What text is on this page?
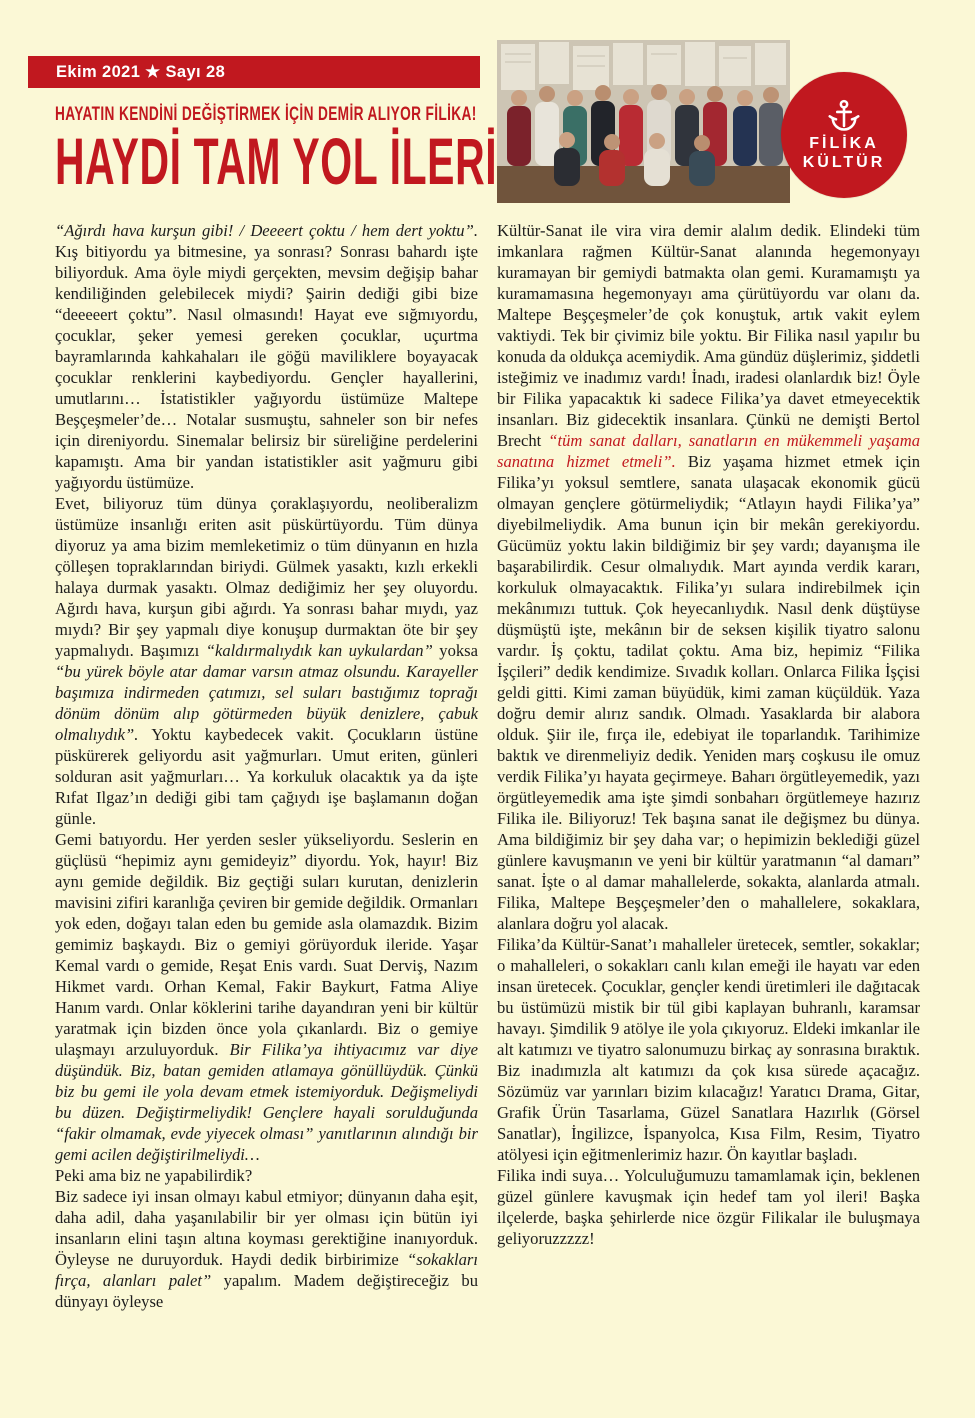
Ekim 2021 ★ Sayı 28
HAYATIN KENDİNİ DEĞİŞTİRMEK İÇİN DEMİR ALIYOR FİLİKA!
HAYDİ TAM YOL İLERİ	FİLİKA
KÜLTÜR

“Ağırdı hava kurşun gibi! / Deeeert çoktu / hem dert yoktu”. Kış bitiyordu ya bitmesine, ya sonrası? Sonrası bahardı işte biliyorduk. Ama öyle miydi gerçekten, mevsim değişip bahar kendiliğinden gelebilecek miydi? Şairin dediği gibi bize “deeeeert çoktu”. Nasıl olmasındı! Hayat eve sığmıyordu, çocuklar, şeker yemesi gereken çocuklar, uçurtma bayramlarında kahkahaları ile göğü maviliklere boyayacak çocuklar renklerini kaybediyordu. Gençler hayallerini, umutlarını… İstatistikler yağıyordu üstümüze Maltepe Beşçeşmeler’de… Notalar susmuştu, sahneler son bir nefes için direniyordu. Sinemalar belirsiz bir süreliğine perdelerini kapamıştı. Ama bir yandan istatistikler asit yağmuru gibi yağıyordu üstümüze.

Evet, biliyoruz tüm dünya çoraklaşıyordu, neoliberalizm üstümüze insanlığı eriten asit püskürtüyordu. Tüm dünya diyoruz ya ama bizim memleketimiz o tüm dünyanın en hızla çölleşen topraklarından biriydi. Gülmek yasaktı, kızlı erkekli halaya durmak yasaktı. Olmaz dediğimiz her şey oluyordu. Ağırdı hava, kurşun gibi ağırdı. Ya sonrası bahar mıydı, yaz mıydı? Bir şey yapmalı diye konuşup durmaktan öte bir şey yapmalıydı. Başımızı “kaldırmalıydık kan uykulardan” yoksa “bu yürek böyle atar damar varsın atmaz olsundu. Karayeller başımıza indirmeden çatımızı, sel suları bastığımız toprağı dönüm dönüm alıp götürmeden büyük denizlere, çabuk olmalıydık”. Yoktu kaybedecek vakit. Çocukların üstüne püskürerek geliyordu asit yağmurları. Umut eriten, günleri solduran asit yağmurları… Ya korkuluk olacaktık ya da işte Rıfat Ilgaz’ın dediği gibi tam çağıydı işe başlamanın doğan günle.

Gemi batıyordu. Her yerden sesler yükseliyordu. Seslerin en güçlüsü “hepimiz aynı gemideyiz” diyordu. Yok, hayır! Biz aynı gemide değildik. Biz geçtiği suları kurutan, denizlerin mavisini zifiri karanlığa çeviren bir gemide değildik. Ormanları yok eden, doğayı talan eden bu gemide asla olamazdık. Bizim gemimiz başkaydı. Biz o gemiyi görüyorduk ileride. Yaşar Kemal vardı o gemide, Reşat Enis vardı. Suat Derviş, Nazım Hikmet vardı. Orhan Kemal, Fakir Baykurt, Fatma Aliye Hanım vardı. Onlar köklerini tarihe dayandıran yeni bir kültür yaratmak için bizden önce yola çıkanlardı. Biz o gemiye ulaşmayı arzuluyorduk. Bir Filika’ya ihtiyacımız var diye düşündük. Biz, batan gemiden atlamaya gönüllüydük. Çünkü biz bu gemi ile yola devam etmek istemiyorduk. Değişmeliydi bu düzen. Değiştirmeliydik! Gençlere hayali sorulduğunda “fakir olmamak, evde yiyecek olması” yanıtlarının alındığı bir gemi acilen değiştirilmeliydi…

Peki ama biz ne yapabilirdik?

Biz sadece iyi insan olmayı kabul etmiyor; dünyanın daha eşit, daha adil, daha yaşanılabilir bir yer olması için bütün iyi insanların elini taşın altına koyması gerektiğine inanıyorduk. Öyleyse ne duruyorduk. Haydi dedik birbirimize “sokakları fırça, alanları palet” yapalım. Madem değiştireceğiz bu dünyayı öyleyse

Kültür-Sanat ile vira vira demir alalım dedik. Elindeki tüm imkanlara rağmen Kültür-Sanat alanında hegemonyayı kuramayan bir gemiydi batmakta olan gemi. Kuramamıştı ya kuramamasına hegemonyayı ama çürütüyordu var olanı da. Maltepe Beşçeşmeler’de çok konuştuk, artık vakit eylem vaktiydi. Tek bir çivimiz bile yoktu. Bir Filika nasıl yapılır bu konuda da oldukça acemiydik. Ama gündüz düşlerimiz, şiddetli isteğimiz ve inadımız vardı! İnadı, iradesi olanlardık biz! Öyle bir Filika yapacaktık ki sadece Filika’ya davet etmeyecektik insanları. Biz gidecektik insanlara. Çünkü ne demişti Bertol Brecht “tüm sanat dalları, sanatların en mükemmeli yaşama sanatına hizmet etmeli”. Biz yaşama hizmet etmek için Filika’yı yoksul semtlere, sanata ulaşacak ekonomik gücü olmayan gençlere götürmeliydik; “Atlayın haydi Filika’ya” diyebilmeliydik. Ama bunun için bir mekân gerekiyordu. Gücümüz yoktu lakin bildiğimiz bir şey vardı; dayanışma ile başarabilirdik. Cesur olmalıydık. Mart ayında verdik kararı, korkuluk olmayacaktık. Filika’yı sulara indirebilmek için mekânımızı tuttuk. Çok heyecanlıydık. Nasıl denk düştüyse düşmüştü işte, mekânın bir de seksen kişilik tiyatro salonu vardır. İş çoktu, tadilat çoktu. Ama biz, hepimiz “Filika İşçileri” dedik kendimize. Sıvadık kolları. Onlarca Filika İşçisi geldi gitti. Kimi zaman büyüdük, kimi zaman küçüldük. Yaza doğru demir alırız sandık. Olmadı. Yasaklarda bir alabora olduk. Şiir ile, fırça ile, edebiyat ile toparlandık. Tarihimize baktık ve direnmeliyiz dedik. Yeniden marş coşkusu ile omuz verdik Filika’yı hayata geçirmeye. Baharı örgütleyemedik, yazı örgütleyemedik ama işte şimdi sonbaharı örgütlemeye hazırız Filika ile. Biliyoruz! Tek başına sanat ile değişmez bu dünya. Ama bildiğimiz bir şey daha var; o hepimizin beklediği güzel günlere kavuşmanın ve yeni bir kültür yaratmanın “al damarı” sanat. İşte o al damar mahallelerde, sokakta, alanlarda atmalı. Filika, Maltepe Beşçeşmeler’den o mahallelere, sokaklara, alanlara doğru yol alacak.

Filika’da Kültür-Sanat’ı mahalleler üretecek, semtler, sokaklar; o mahalleleri, o sokakları canlı kılan emeği ile hayatı var eden insan üretecek. Çocuklar, gençler kendi üretimleri ile dağıtacak bu üstümüzü mistik bir tül gibi kaplayan buhranlı, karamsar havayı. Şimdilik 9 atölye ile yola çıkıyoruz. Eldeki imkanlar ile alt katımızı ve tiyatro salonumuzu birkaç ay sonrasına bıraktık. Biz inadımızla alt katımızı da çok kısa sürede açacağız. Sözümüz var yarınları bizim kılacağız! Yaratıcı Drama, Gitar, Grafik Ürün Tasarlama, Güzel Sanatlara Hazırlık (Görsel Sanatlar), İngilizce, İspanyolca, Kısa Film, Resim, Tiyatro atölyesi için eğitmenlerimiz hazır. Ön kayıtlar başladı.

Filika indi suya… Yolculuğumuzu tamamlamak için, beklenen güzel günlere kavuşmak için hedef tam yol ileri! Başka ilçelerde, başka şehirlerde nice özgür Filikalar ile buluşmaya geliyoruzzzzz!
